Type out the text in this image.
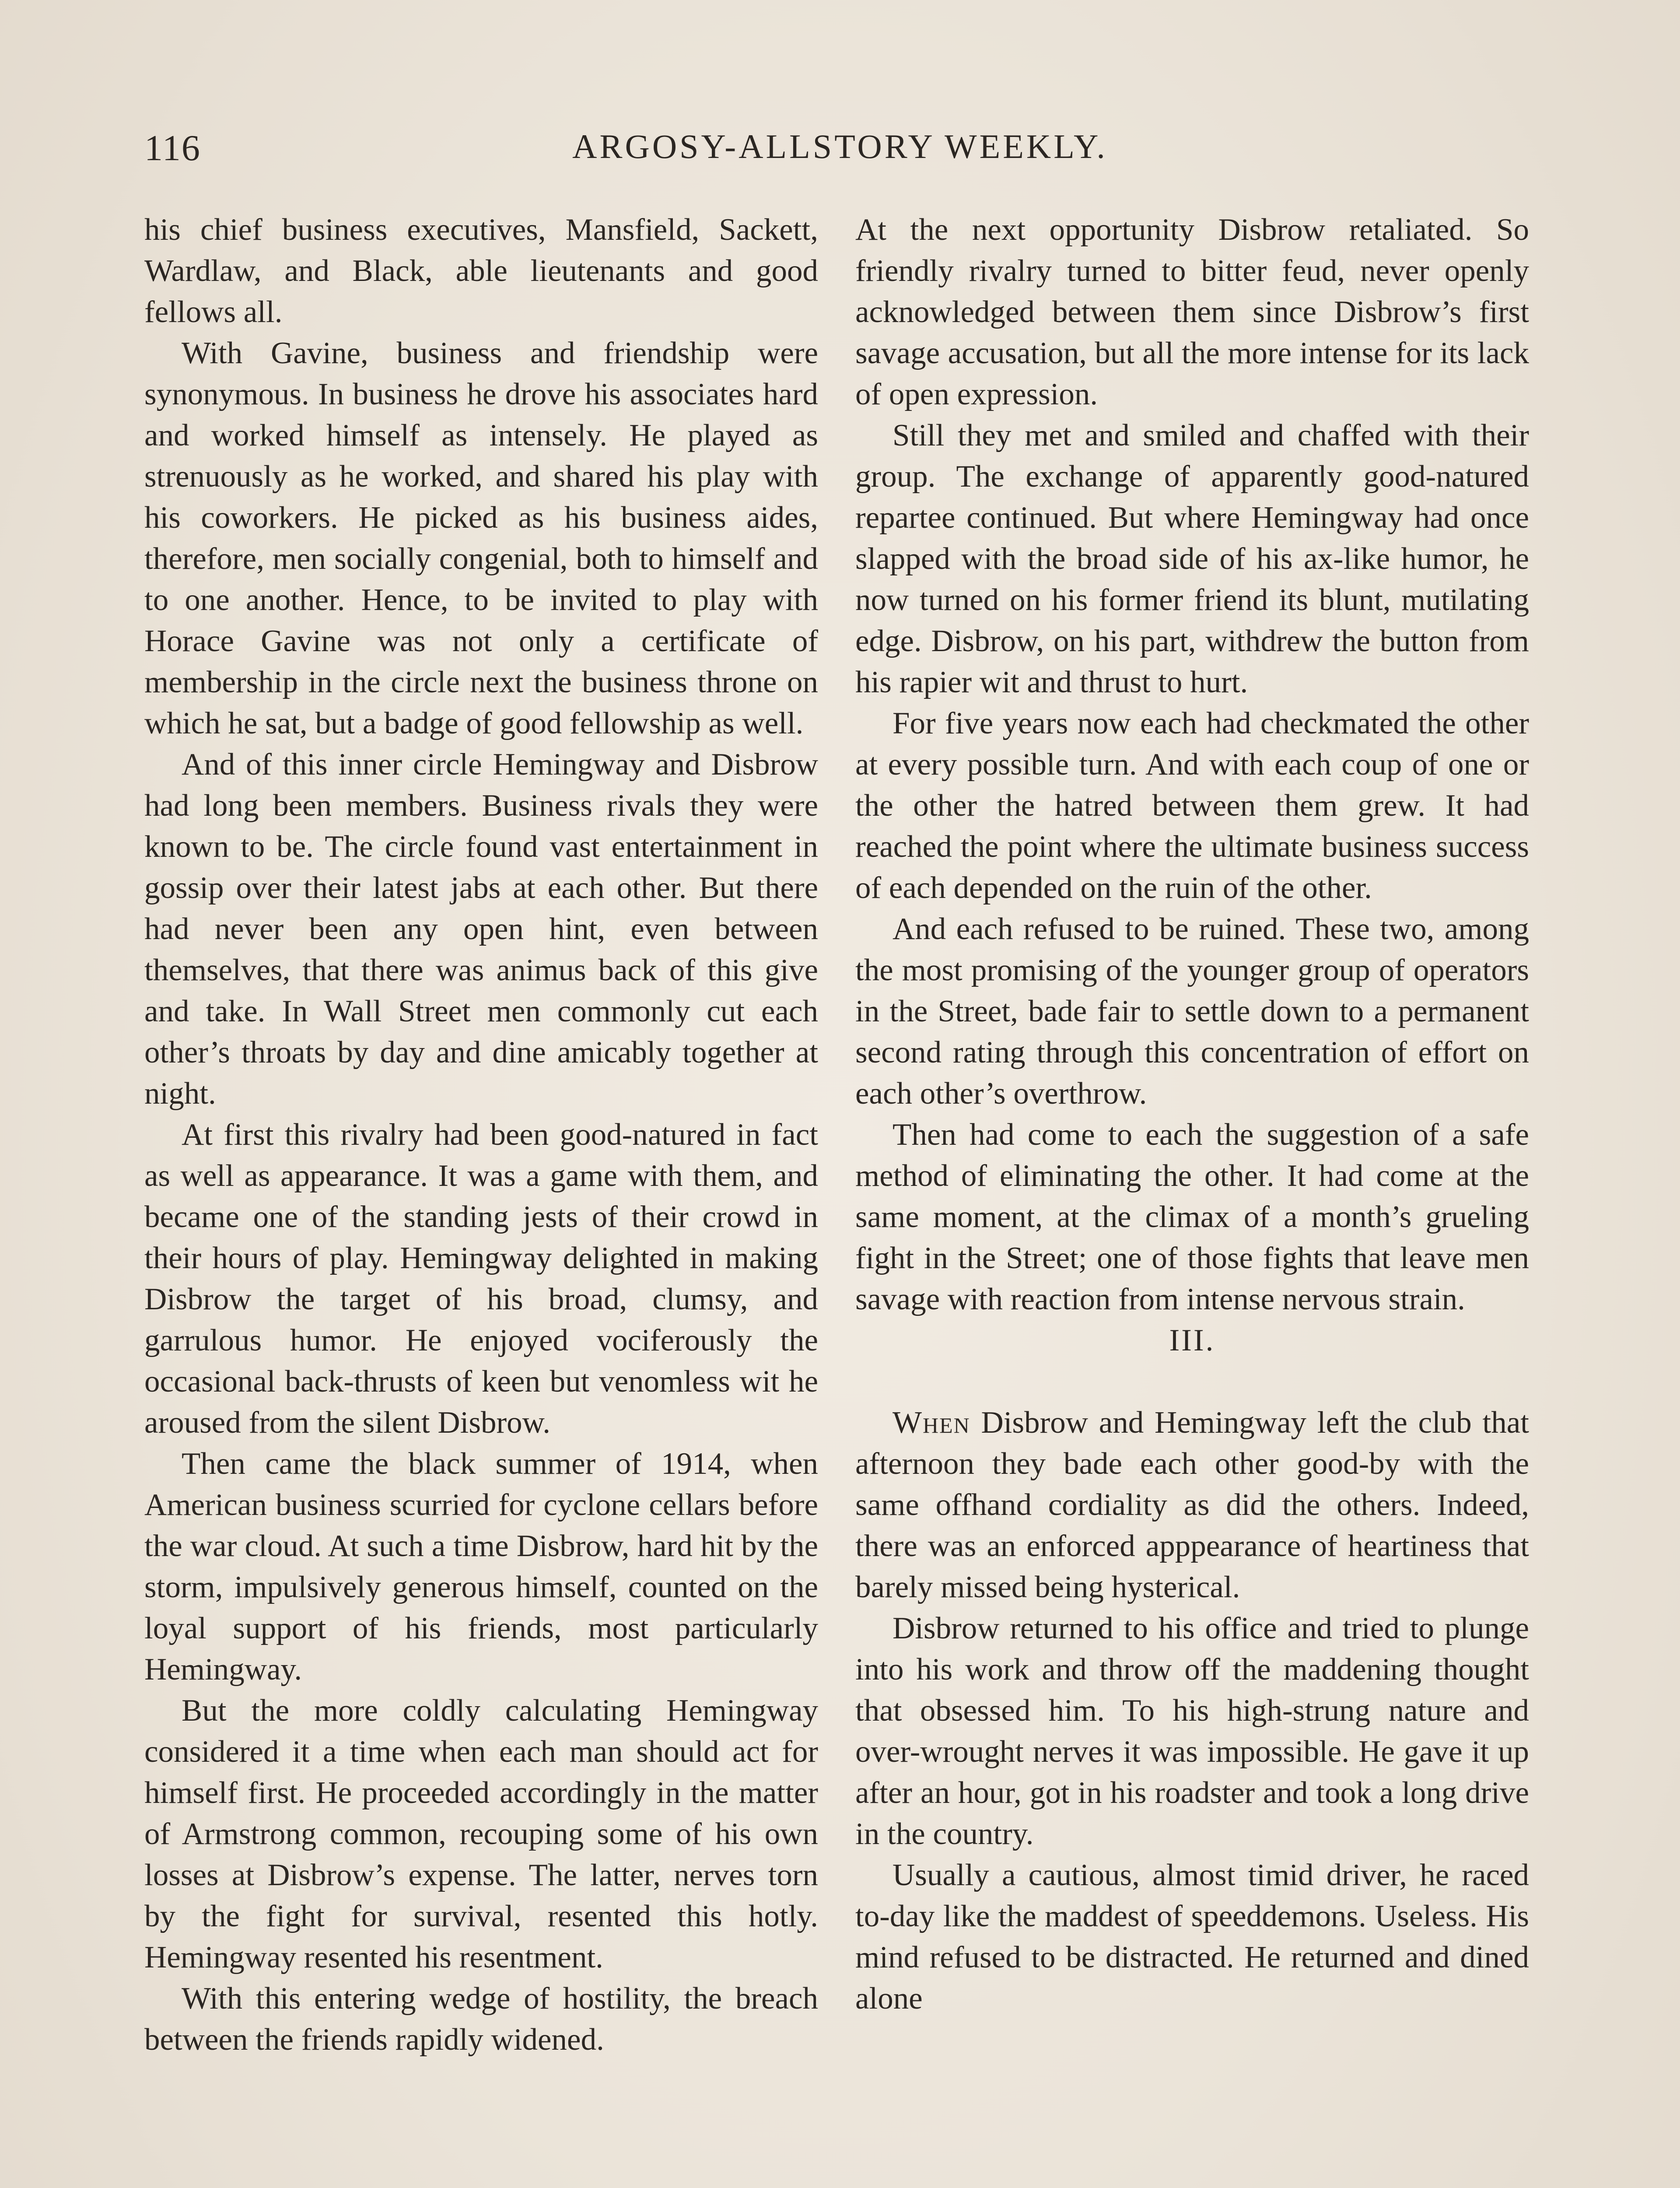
116	ARGOSY-ALLSTORY WEEKLY.

his chief business executives, Mansfield, Sackett, Wardlaw, and Black, able lieutenants and good fellows all.

With Gavine, business and friendship were synonymous. In business he drove his associates hard and worked himself as intensely. He played as strenuously as he worked, and shared his play with his coworkers. He picked as his business aides, therefore, men socially congenial, both to himself and to one another. Hence, to be invited to play with Horace Gavine was not only a certificate of membership in the circle next the business throne on which he sat, but a badge of good fellowship as well.

And of this inner circle Hemingway and Disbrow had long been members. Business rivals they were known to be. The circle found vast entertainment in gossip over their latest jabs at each other. But there had never been any open hint, even between themselves, that there was animus back of this give and take. In Wall Street men commonly cut each other’s throats by day and dine amicably together at night.

At first this rivalry had been good-natured in fact as well as appearance. It was a game with them, and became one of the standing jests of their crowd in their hours of play. Hemingway delighted in making Disbrow the target of his broad, clumsy, and garrulous humor. He enjoyed vociferously the occasional back-thrusts of keen but venomless wit he aroused from the silent Disbrow.

Then came the black summer of 1914, when American business scurried for cyclone cellars before the war cloud. At such a time Disbrow, hard hit by the storm, impulsively generous himself, counted on the loyal support of his friends, most particularly Hemingway.

But the more coldly calculating Hemingway considered it a time when each man should act for himself first. He proceeded accordingly in the matter of Armstrong common, recouping some of his own losses at Disbrow’s expense. The latter, nerves torn by the fight for survival, resented this hotly. Hemingway resented his resentment.

With this entering wedge of hostility, the breach between the friends rapidly widened.

At the next opportunity Disbrow retaliated. So friendly rivalry turned to bitter feud, never openly acknowledged between them since Disbrow’s first savage accusation, but all the more intense for its lack of open expression.

Still they met and smiled and chaffed with their group. The exchange of apparently good-natured repartee continued. But where Hemingway had once slapped with the broad side of his ax-like humor, he now turned on his former friend its blunt, mutilating edge. Disbrow, on his part, withdrew the button from his rapier wit and thrust to hurt.

For five years now each had checkmated the other at every possible turn. And with each coup of one or the other the hatred between them grew. It had reached the point where the ultimate business success of each depended on the ruin of the other.

And each refused to be ruined. These two, among the most promising of the younger group of operators in the Street, bade fair to settle down to a permanent second rating through this concentration of effort on each other’s overthrow.

Then had come to each the suggestion of a safe method of eliminating the other. It had come at the same moment, at the climax of a month’s grueling fight in the Street; one of those fights that leave men savage with reaction from intense nervous strain.

III.

When Disbrow and Hemingway left the club that afternoon they bade each other good-by with the same offhand cordiality as did the others. Indeed, there was an enforced apppearance of heartiness that barely missed being hysterical.

Disbrow returned to his office and tried to plunge into his work and throw off the maddening thought that obsessed him. To his high-strung nature and over-wrought nerves it was impossible. He gave it up after an hour, got in his roadster and took a long drive in the country.

Usually a cautious, almost timid driver, he raced to-day like the maddest of speeddemons. Useless. His mind refused to be distracted. He returned and dined alone
